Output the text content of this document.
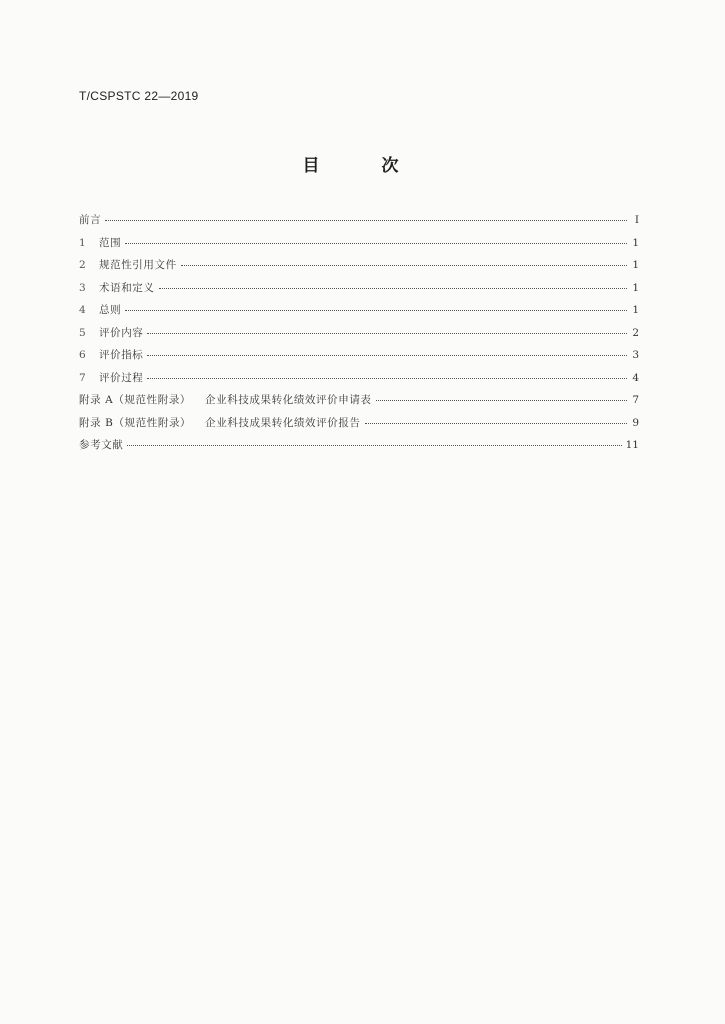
T/CSPSTC 22—2019
目 次
前言	I
1	范围	1
2	规范性引用文件	1
3	术语和定义	1
4	总则	1
5	评价内容	2
6	评价指标	3
7	评价过程	4
附录 A（规范性附录） 企业科技成果转化绩效评价申请表	7
附录 B（规范性附录） 企业科技成果转化绩效评价报告	9
参考文献	11
